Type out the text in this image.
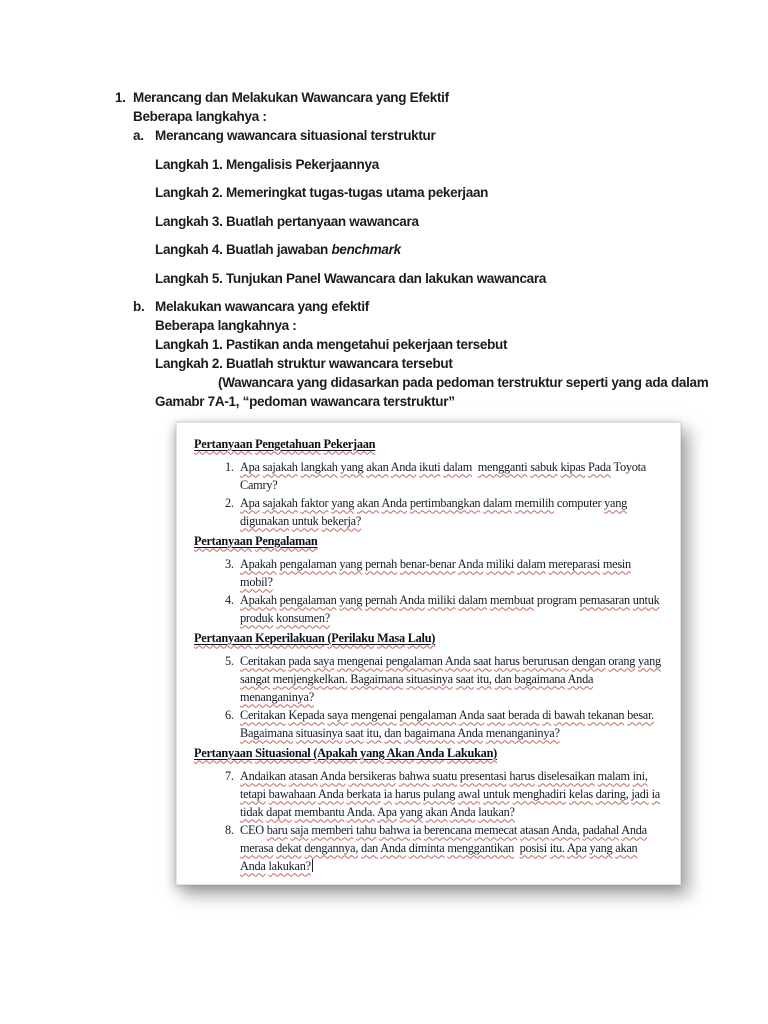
1. Merancang dan Melakukan Wawancara yang Efektif
Beberapa langkahya :
a. Merancang wawancara situasional terstruktur
Langkah 1. Mengalisis Pekerjaannya
Langkah 2. Memeringkat tugas-tugas utama pekerjaan
Langkah 3. Buatlah pertanyaan wawancara
Langkah 4. Buatlah jawaban benchmark
Langkah 5. Tunjukan Panel Wawancara dan lakukan wawancara
b. Melakukan wawancara yang efektif
Beberapa langkahnya :
Langkah 1. Pastikan anda mengetahui pekerjaan tersebut
Langkah 2. Buatlah struktur wawancara tersebut
(Wawancara yang didasarkan pada pedoman terstruktur seperti yang ada dalam
Gamabr 7A-1, “pedoman wawancara terstruktur”
Pertanyaan Pengetahuan Pekerjaan
1. Apa sajakah langkah yang akan Anda ikuti dalam mengganti sabuk kipas Pada Toyota
Camry?
2. Apa sajakah faktor yang akan Anda pertimbangkan dalam memilih computer yang
digunakan untuk bekerja?
Pertanyaan Pengalaman
3. Apakah pengalaman yang pernah benar-benar Anda miliki dalam mereparasi mesin
mobil?
4. Apakah pengalaman yang pernah Anda miliki dalam membuat program pemasaran untuk
produk konsumen?
Pertanyaan Keperilakuan (Perilaku Masa Lalu)
5. Ceritakan pada saya mengenai pengalaman Anda saat harus berurusan dengan orang yang
sangat menjengkelkan. Bagaimana situasinya saat itu, dan bagaimana Anda
menanganinya?
6. Ceritakan Kepada saya mengenai pengalaman Anda saat berada di bawah tekanan besar.
Bagaimana situasinya saat itu, dan bagaimana Anda menanganinya?
Pertanyaan Situasional (Apakah yang Akan Anda Lakukan)
7. Andaikan atasan Anda bersikeras bahwa suatu presentasi harus diselesaikan malam ini,
tetapi bawahaan Anda berkata ia harus pulang awal untuk menghadiri kelas daring, jadi ia
tidak dapat membantu Anda. Apa yang akan Anda laukan?
8. CEO baru saja memberi tahu bahwa ia berencana memecat atasan Anda, padahal Anda
merasa dekat dengannya, dan Anda diminta menggantikan posisi itu. Apa yang akan
Anda lakukan?
